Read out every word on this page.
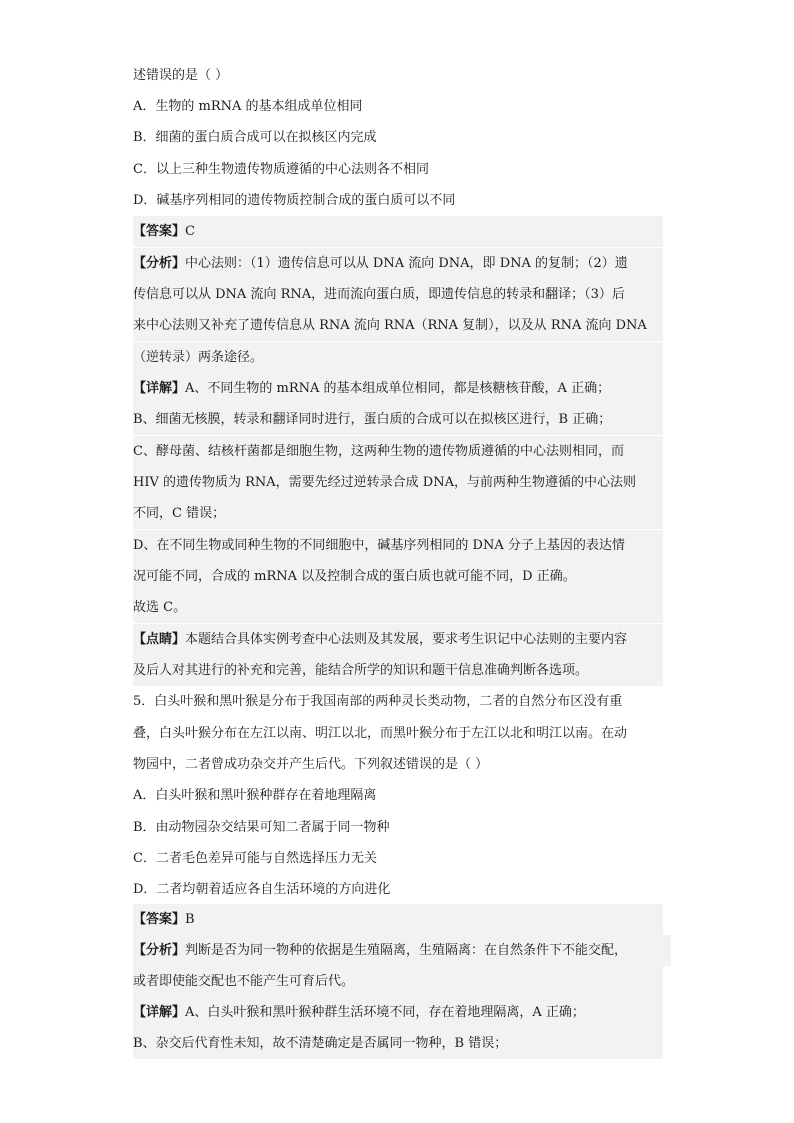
述错误的是（ ）
A．生物的 mRNA 的基本组成单位相同
B．细菌的蛋白质合成可以在拟核区内完成
C．以上三种生物遗传物质遵循的中心法则各不相同
D．碱基序列相同的遗传物质控制合成的蛋白质可以不同
【答案】C
【分析】中心法则：（1）遗传信息可以从 DNA 流向 DNA，即 DNA 的复制；（2）遗
传信息可以从 DNA 流向 RNA，进而流向蛋白质，即遗传信息的转录和翻译；（3）后
来中心法则又补充了遗传信息从 RNA 流向 RNA（RNA 复制），以及从 RNA 流向 DNA
（逆转录）两条途径。
【详解】A、不同生物的 mRNA 的基本组成单位相同，都是核糖核苷酸，A 正确；
B、细菌无核膜，转录和翻译同时进行，蛋白质的合成可以在拟核区进行，B 正确；
C、酵母菌、结核杆菌都是细胞生物，这两种生物的遗传物质遵循的中心法则相同，而
HIV 的遗传物质为 RNA，需要先经过逆转录合成 DNA，与前两种生物遵循的中心法则
不同，C 错误；
D、在不同生物或同种生物的不同细胞中，碱基序列相同的 DNA 分子上基因的表达情
况可能不同，合成的 mRNA 以及控制合成的蛋白质也就可能不同，D 正确。
故选 C。
【点睛】本题结合具体实例考查中心法则及其发展，要求考生识记中心法则的主要内容
及后人对其进行的补充和完善，能结合所学的知识和题干信息准确判断各选项。
5．白头叶猴和黑叶猴是分布于我国南部的两种灵长类动物，二者的自然分布区没有重
叠，白头叶猴分布在左江以南、明江以北，而黑叶猴分布于左江以北和明江以南。在动
物园中，二者曾成功杂交并产生后代。下列叙述错误的是（ ）
A．白头叶猴和黑叶猴种群存在着地理隔离
B．由动物园杂交结果可知二者属于同一物种
C．二者毛色差异可能与自然选择压力无关
D．二者均朝着适应各自生活环境的方向进化
【答案】B
【分析】判断是否为同一物种的依据是生殖隔离，生殖隔离：在自然条件下不能交配，
或者即使能交配也不能产生可育后代。
【详解】A、白头叶猴和黑叶猴种群生活环境不同，存在着地理隔离，A 正确；
B、杂交后代育性未知，故不清楚确定是否属同一物种，B 错误；
